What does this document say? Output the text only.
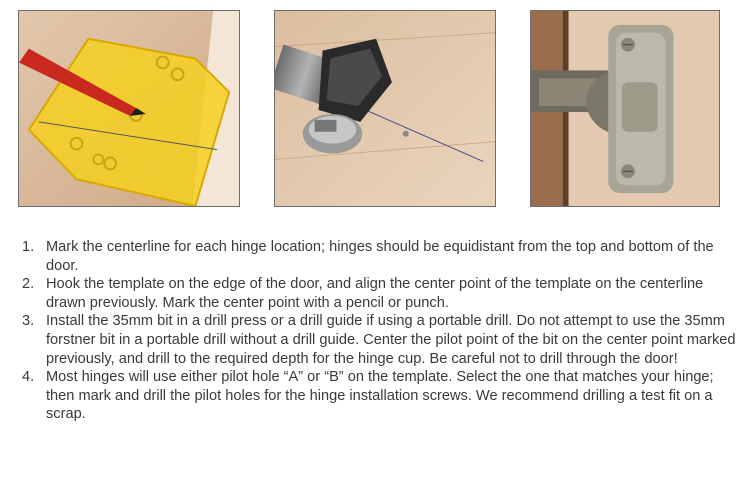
1. Mark the centerline for each hinge location; hinges should be equidistant from the top and bottom of the door.
2. Hook the template on the edge of the door, and align the center point of the template on the centerline drawn previously. Mark the center point with a pencil or punch.
3. Install the 35mm bit in a drill press or a drill guide if using a portable drill. Do not attempt to use the 35mm forstner bit in a portable drill without a drill guide. Center the pilot point of the bit on the center point marked previously, and drill to the required depth for the hinge cup. Be careful not to drill through the door!
4. Most hinges will use either pilot hole “A” or “B” on the template. Select the one that matches your hinge; then mark and drill the pilot holes for the hinge installation screws. We recommend drilling a test fit on a scrap.
